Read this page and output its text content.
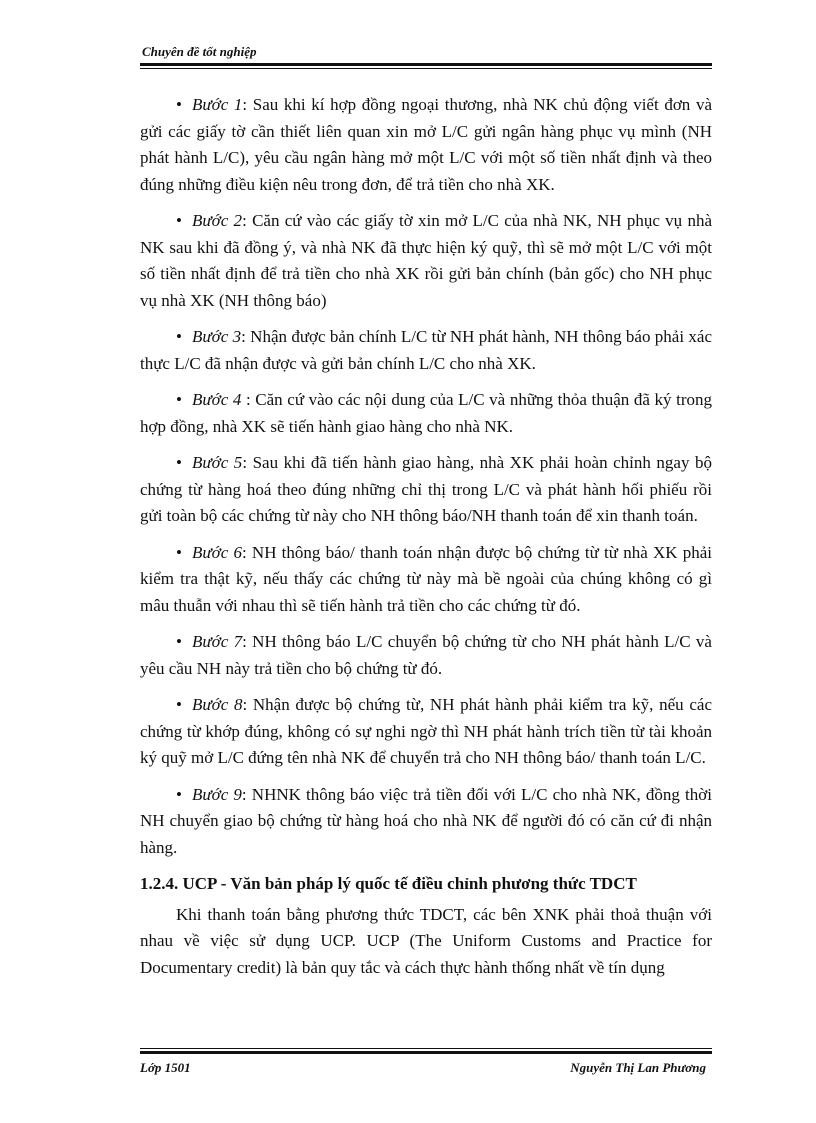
Chuyên đề tốt nghiệp

• Bước 1: Sau khi kí hợp đồng ngoại thương, nhà NK chủ động viết đơn và gửi các giấy tờ cần thiết liên quan xin mở L/C gửi ngân hàng phục vụ mình (NH phát hành L/C), yêu cầu ngân hàng mở một L/C với một số tiền nhất định và theo đúng những điều kiện nêu trong đơn, để trả tiền cho nhà XK.

• Bước 2: Căn cứ vào các giấy tờ xin mở L/C của nhà NK, NH phục vụ nhà NK sau khi đã đồng ý, và nhà NK đã thực hiện ký quỹ, thì sẽ mở một L/C với một số tiền nhất định để trả tiền cho nhà XK rồi gửi bản chính (bản gốc) cho NH phục vụ nhà XK (NH thông báo)

• Bước 3: Nhận được bản chính L/C từ NH phát hành, NH thông báo phải xác thực L/C đã nhận được và gửi bản chính L/C cho nhà XK.

• Bước 4 : Căn cứ vào các nội dung của L/C và những thỏa thuận đã ký trong hợp đồng, nhà XK sẽ tiến hành giao hàng cho nhà NK.

• Bước 5: Sau khi đã tiến hành giao hàng, nhà XK phải hoàn chỉnh ngay bộ chứng từ hàng hoá theo đúng những chỉ thị trong L/C và phát hành hối phiếu rồi gửi toàn bộ các chứng từ này cho NH thông báo/NH thanh toán để xin thanh toán.

• Bước 6: NH thông báo/ thanh toán nhận được bộ chứng từ từ nhà XK phải kiểm tra thật kỹ, nếu thấy các chứng từ này mà bề ngoài của chúng không có gì mâu thuẫn với nhau thì sẽ tiến hành trả tiền cho các chứng từ đó.

• Bước 7: NH thông báo L/C chuyển bộ chứng từ cho NH phát hành L/C và yêu cầu NH này trả tiền cho bộ chứng từ đó.

• Bước 8: Nhận được bộ chứng từ, NH phát hành phải kiểm tra kỹ, nếu các chứng từ khớp đúng, không có sự nghi ngờ thì NH phát hành trích tiền từ tài khoản ký quỹ mở L/C đứng tên nhà NK để chuyển trả cho NH thông báo/ thanh toán L/C.

• Bước 9: NHNK thông báo việc trả tiền đối với L/C cho nhà NK, đồng thời NH chuyển giao bộ chứng từ hàng hoá cho nhà NK để người đó có căn cứ đi nhận hàng.

1.2.4. UCP - Văn bản pháp lý quốc tế điều chỉnh phương thức TDCT

Khi thanh toán bằng phương thức TDCT, các bên XNK phải thoả thuận với nhau về việc sử dụng UCP. UCP (The Uniform Customs and Practice for Documentary credit) là bản quy tắc và cách thực hành thống nhất về tín dụng

Lớp 1501	Nguyễn Thị Lan Phương
